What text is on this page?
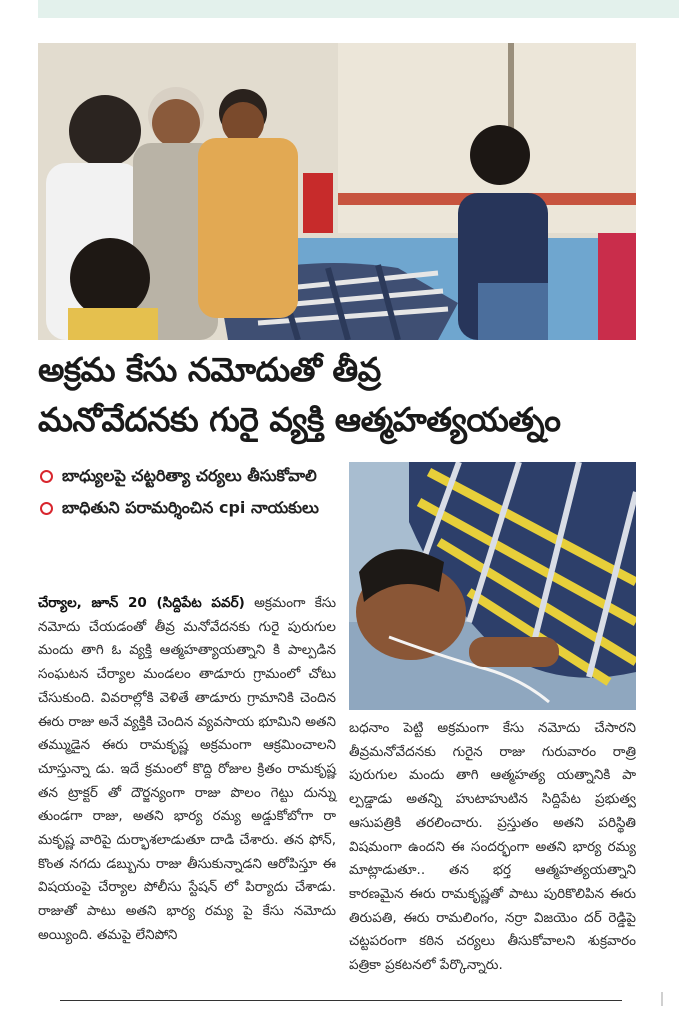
అక్రమ కేసు నమోదుతో తీవ్ర
మనోవేదనకు గురై వ్యక్తి ఆత్మహత్యయత్నం
బాధ్యులపై చట్టరిత్యా చర్యలు తీసుకోవాలి
బాధితుని పరామర్శించిన cpi నాయకులు
చేర్యాల, జూన్ 20 (సిద్దిపేట పవర్) అక్రమంగా కేసు నమోదు చేయడంతో తీవ్ర మనోవేదనకు గురై పురుగుల మందు తాగి ఓ వ్యక్తి ఆత్మహత్యాయత్నాని కి పాల్పడిన సంఘటన చేర్యాల మండలం తాడూరు గ్రామంలో చోటు చేసుకుంది. వివరాల్లోకి వెళితే తాడూరు గ్రామానికి చెందిన ఈరు రాజు అనే వ్యక్తికి చెందిన వ్యవసాయ భూమిని అతని తమ్ముడైన ఈరు రామకృష్ణ అక్రమంగా ఆక్రమించాలని చూస్తున్నా డు. ఇదే క్రమంలో కొద్ది రోజుల క్రితం రామకృష్ణ తన ట్రాక్టర్ తో దౌర్జన్యంగా రాజు పొలం గెట్టు దున్ను తుండగా రాజు, అతని భార్య రమ్య అడ్డుకోబోగా రా మకృష్ణ వారిపై దుర్భాశలాడుతూ దాడి చేశారు. తన ఫోన్, కొంత నగదు డబ్బును రాజు తీసుకున్నాడని ఆరోపిస్తూ ఈ విషయంపై చేర్యాల పోలీసు స్టేషన్ లో పిర్యాదు చేశాడు. రాజుతో పాటు అతని భార్య రమ్య పై కేసు నమోదు అయ్యింది. తమపై లేనిపోని
బధనాం పెట్టి అక్రమంగా కేసు నమోదు చేసారని తీవ్రమనోవేదనకు గురైన రాజు గురువారం రాత్రి పురుగుల మందు తాగి ఆత్మహత్య యత్నానికి పా ల్పడ్డాడు అతన్ని హుటాహుటిన సిద్దిపేట ప్రభుత్వ ఆసుపత్రికి తరలించారు. ప్రస్తుతం అతని పరిస్థితి విషమంగా ఉందని ఈ సందర్భంగా అతని భార్య రమ్య మాట్లాడుతూ.. తన భర్త ఆత్మహత్యయత్నాని కారణమైన ఈరు రామకృష్ణతో పాటు పురికొలిపిన ఈరు తిరుపతి, ఈరు రామలింగం, నర్రా విజయెం దర్ రెడ్డిపై చట్టపరంగా కఠిన చర్యలు తీసుకోవాలని శుక్రవారం పత్రికా ప్రకటనలో పేర్కొన్నారు.
